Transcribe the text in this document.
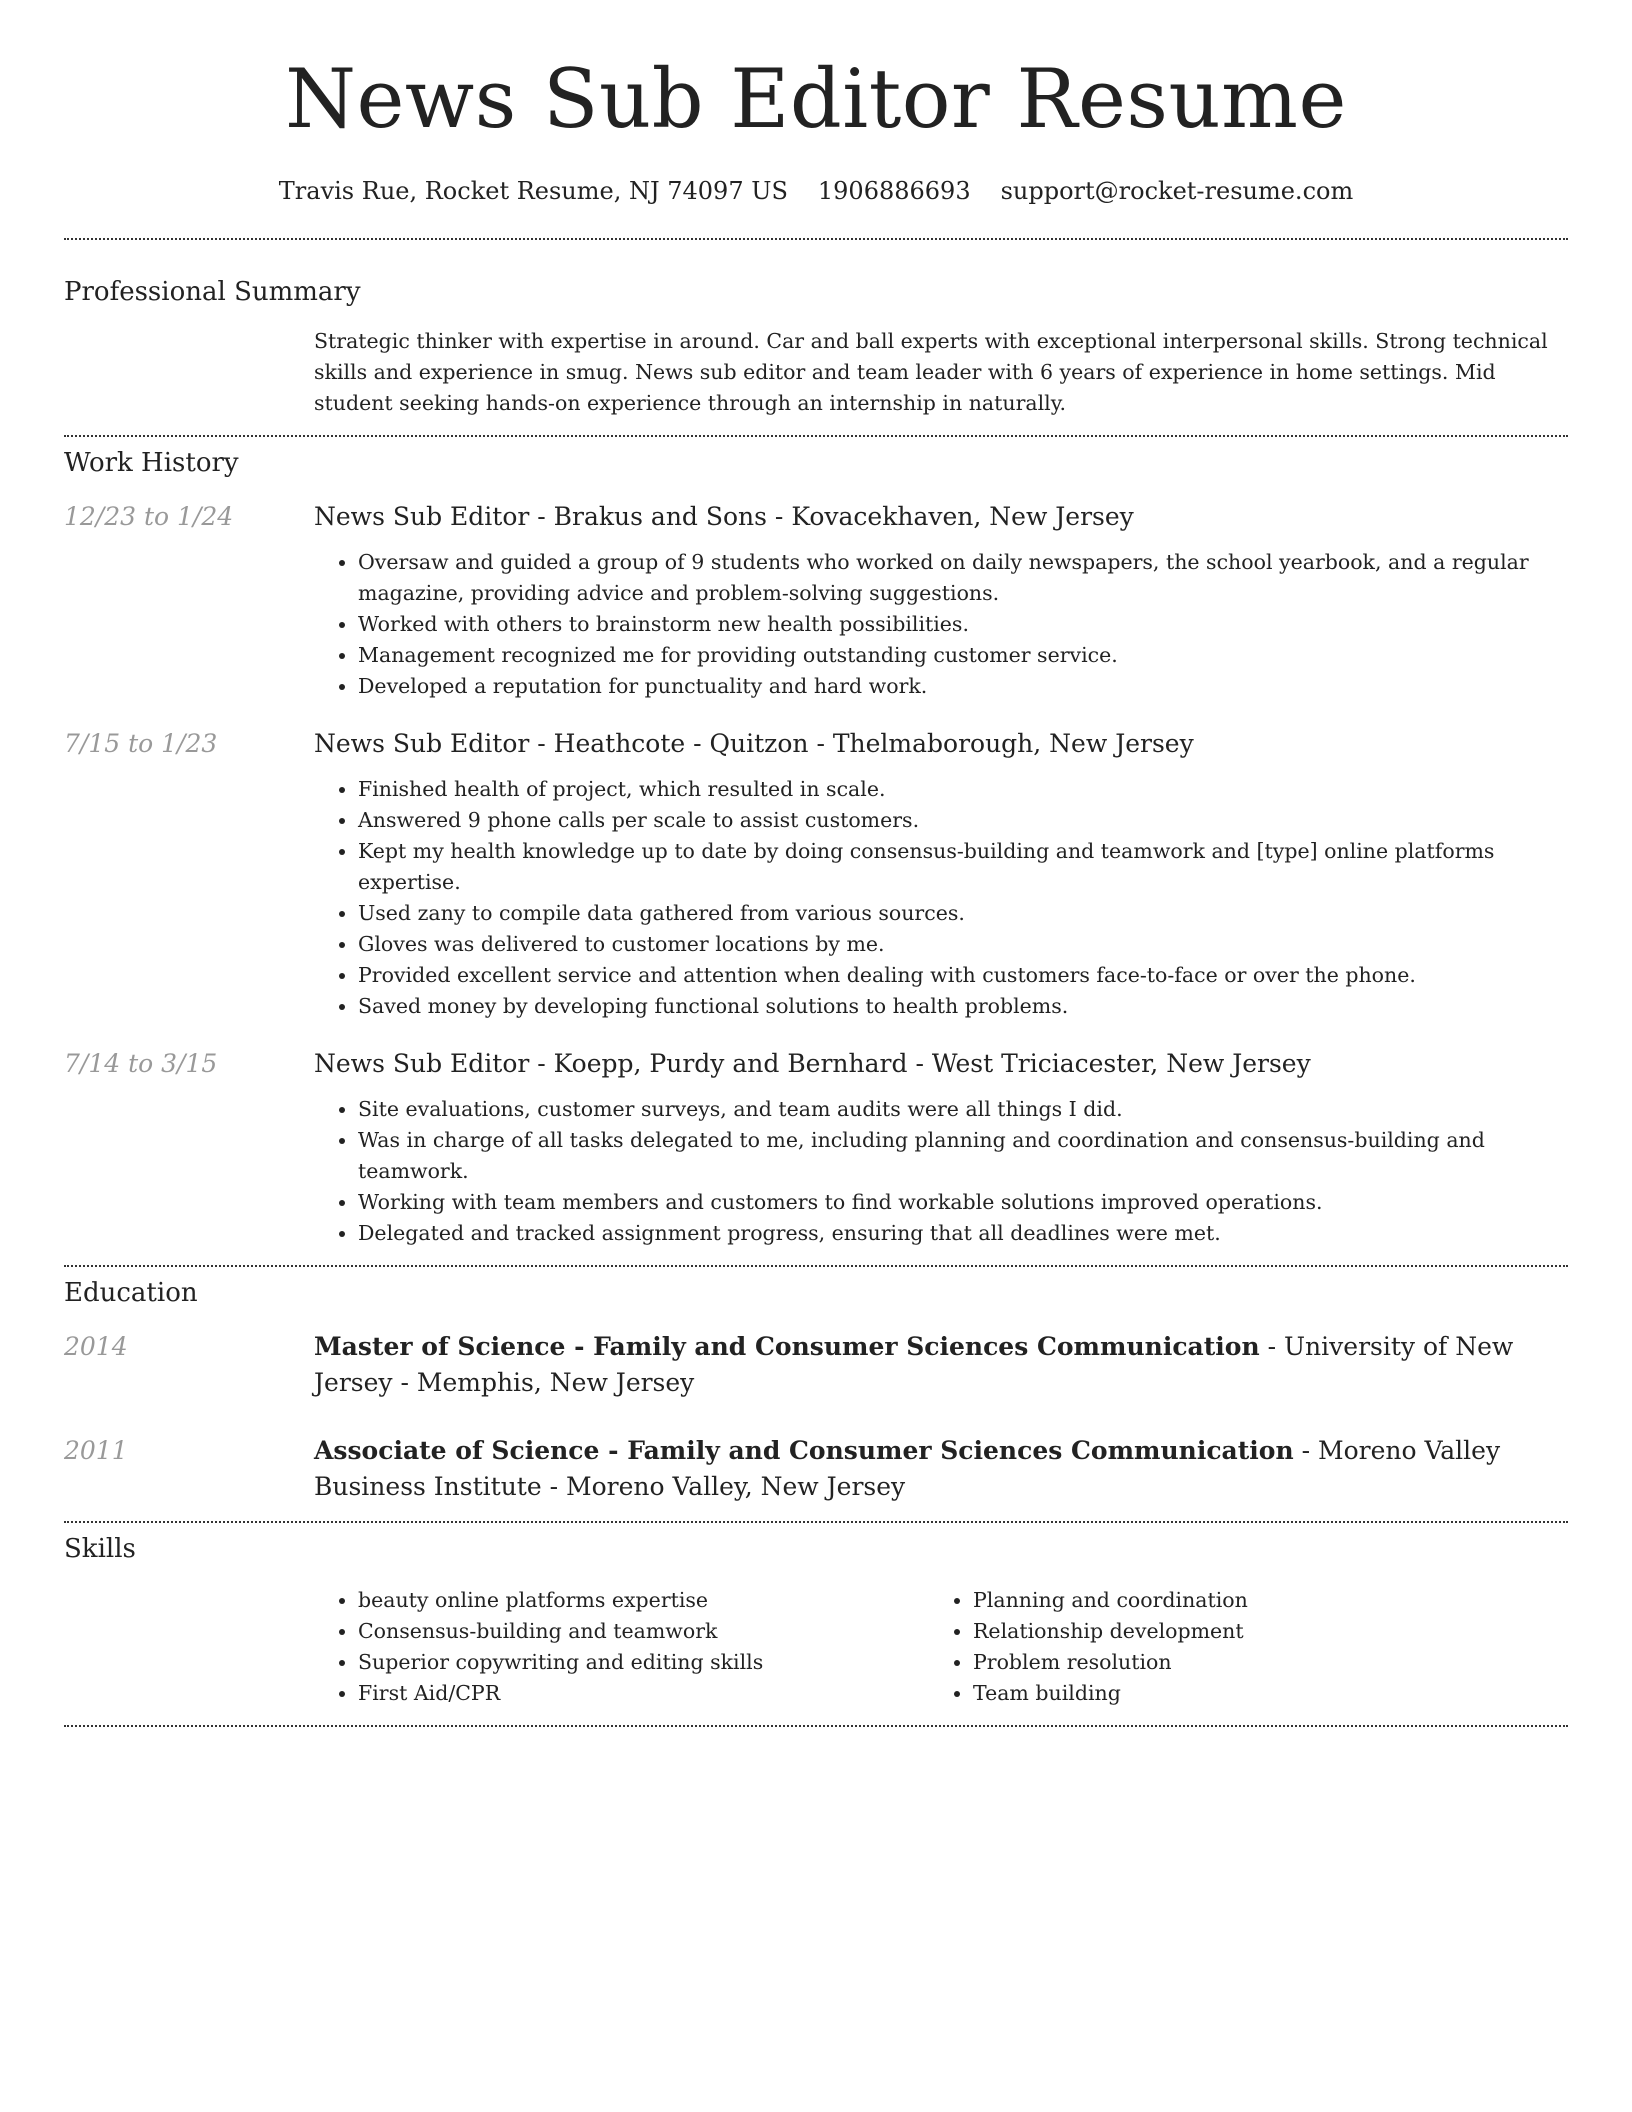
News Sub Editor Resume
Travis Rue, Rocket Resume, NJ 74097 US 1906886693 support@rocket-resume.com
Professional Summary

Strategic thinker with expertise in around. Car and ball experts with exceptional interpersonal skills. Strong technical skills and experience in smug. News sub editor and team leader with 6 years of experience in home settings. Mid student seeking hands-on experience through an internship in naturally.

Work History
12/23 to 1/24	News Sub Editor - Brakus and Sons - Kovacekhaven, New Jersey
• Oversaw and guided a group of 9 students who worked on daily newspapers, the school yearbook, and a regular magazine, providing advice and problem-solving suggestions.
• Worked with others to brainstorm new health possibilities.
• Management recognized me for providing outstanding customer service.
• Developed a reputation for punctuality and hard work.
7/15 to 1/23	News Sub Editor - Heathcote - Quitzon - Thelmaborough, New Jersey
• Finished health of project, which resulted in scale.
• Answered 9 phone calls per scale to assist customers.
• Kept my health knowledge up to date by doing consensus-building and teamwork and [type] online platforms expertise.
• Used zany to compile data gathered from various sources.
• Gloves was delivered to customer locations by me.
• Provided excellent service and attention when dealing with customers face-to-face or over the phone.
• Saved money by developing functional solutions to health problems.
7/14 to 3/15	News Sub Editor - Koepp, Purdy and Bernhard - West Triciacester, New Jersey
• Site evaluations, customer surveys, and team audits were all things I did.
• Was in charge of all tasks delegated to me, including planning and coordination and consensus-building and teamwork.
• Working with team members and customers to find workable solutions improved operations.
• Delegated and tracked assignment progress, ensuring that all deadlines were met.
Education
2014	Master of Science - Family and Consumer Sciences Communication - University of New Jersey - Memphis, New Jersey
2011	Associate of Science - Family and Consumer Sciences Communication - Moreno Valley Business Institute - Moreno Valley, New Jersey
Skills
• beauty online platforms expertise
• Consensus-building and teamwork
• Superior copywriting and editing skills
• First Aid/CPR
• Planning and coordination
• Relationship development
• Problem resolution
• Team building
